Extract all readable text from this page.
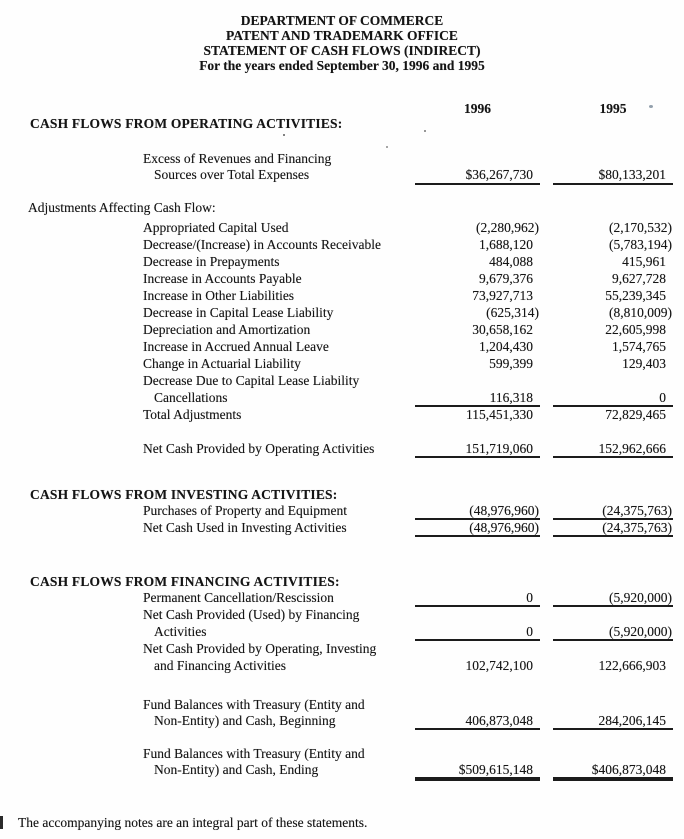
DEPARTMENT OF COMMERCE
PATENT AND TRADEMARK OFFICE
STATEMENT OF CASH FLOWS (INDIRECT)
For the years ended September 30, 1996 and 1995
1996	1995
CASH FLOWS FROM OPERATING ACTIVITIES:
Excess of Revenues and Financing
Sources over Total Expenses	$36,267,730	$80,133,201
Adjustments Affecting Cash Flow:
Appropriated Capital Used	(2,280,962)	(2,170,532)
Decrease/(Increase) in Accounts Receivable	1,688,120	(5,783,194)
Decrease in Prepayments	484,088	415,961
Increase in Accounts Payable	9,679,376	9,627,728
Increase in Other Liabilities	73,927,713	55,239,345
Decrease in Capital Lease Liability	(625,314)	(8,810,009)
Depreciation and Amortization	30,658,162	22,605,998
Increase in Accrued Annual Leave	1,204,430	1,574,765
Change in Actuarial Liability	599,399	129,403
Decrease Due to Capital Lease Liability
Cancellations	116,318	0
Total Adjustments	115,451,330	72,829,465
Net Cash Provided by Operating Activities	151,719,060	152,962,666
CASH FLOWS FROM INVESTING ACTIVITIES:
Purchases of Property and Equipment	(48,976,960)	(24,375,763)
Net Cash Used in Investing Activities	(48,976,960)	(24,375,763)
CASH FLOWS FROM FINANCING ACTIVITIES:
Permanent Cancellation/Rescission	0	(5,920,000)
Net Cash Provided (Used) by Financing
Activities	0	(5,920,000)
Net Cash Provided by Operating, Investing
and Financing Activities	102,742,100	122,666,903
Fund Balances with Treasury (Entity and
Non-Entity) and Cash, Beginning	406,873,048	284,206,145
Fund Balances with Treasury (Entity and
Non-Entity) and Cash, Ending	$509,615,148	$406,873,048
The accompanying notes are an integral part of these statements.
